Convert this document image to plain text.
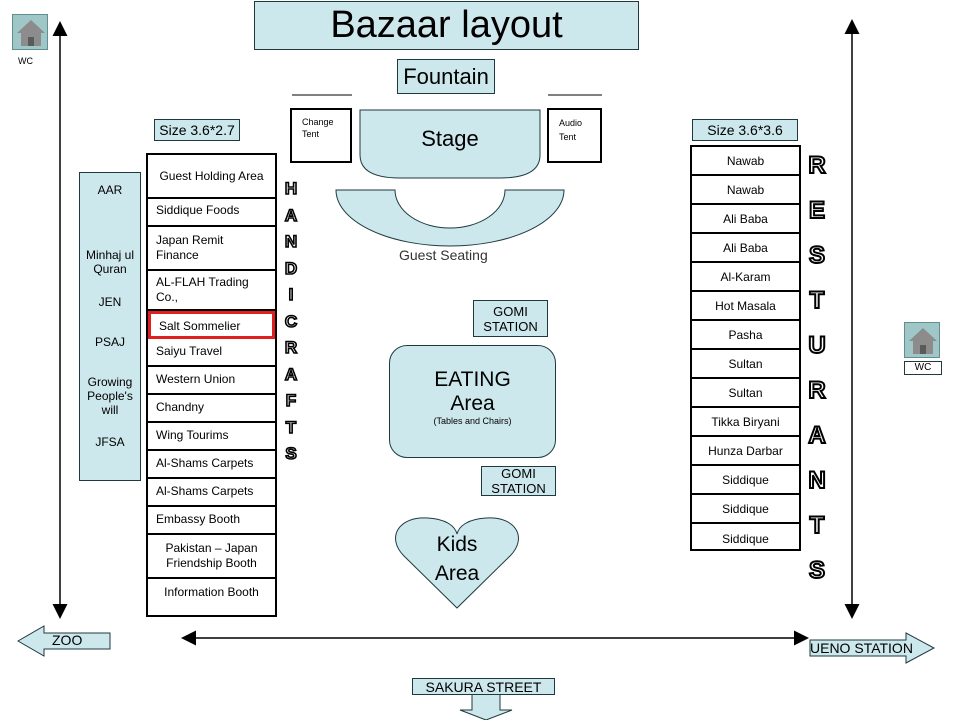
Bazaar layout
WC
WC
Fountain
Stage
Change Tent
Audio Tent
Guest Seating
Size 3.6*2.7	Size 3.6*3.6
AAR
Minhaj ul Quran
JEN
PSAJ
Growing People's will
JFSA
Guest Holding Area
Siddique Foods
Japan Remit Finance
AL-FLAH Trading Co.,
Salt Sommelier
Saiyu Travel
Western Union
Chandny
Wing Tourims
Al-Shams Carpets
Al-Shams Carpets
Embassy Booth
Pakistan – Japan Friendship Booth
Information Booth
H
A
N
D
I
C
R
A
F
T
S
GOMI STATION
GOMI STATION
EATING
Area
(Tables and Chairs)
Kids
Area
Nawab
Nawab
Ali Baba
Ali Baba
Al-Karam
Hot Masala
Pasha
Sultan
Sultan
Tikka Biryani
Hunza Darbar
Siddique
Siddique
Siddique
R
E
S
T
U
R
A
N
T
S
ZOO	UENO STATION
SAKURA STREET
